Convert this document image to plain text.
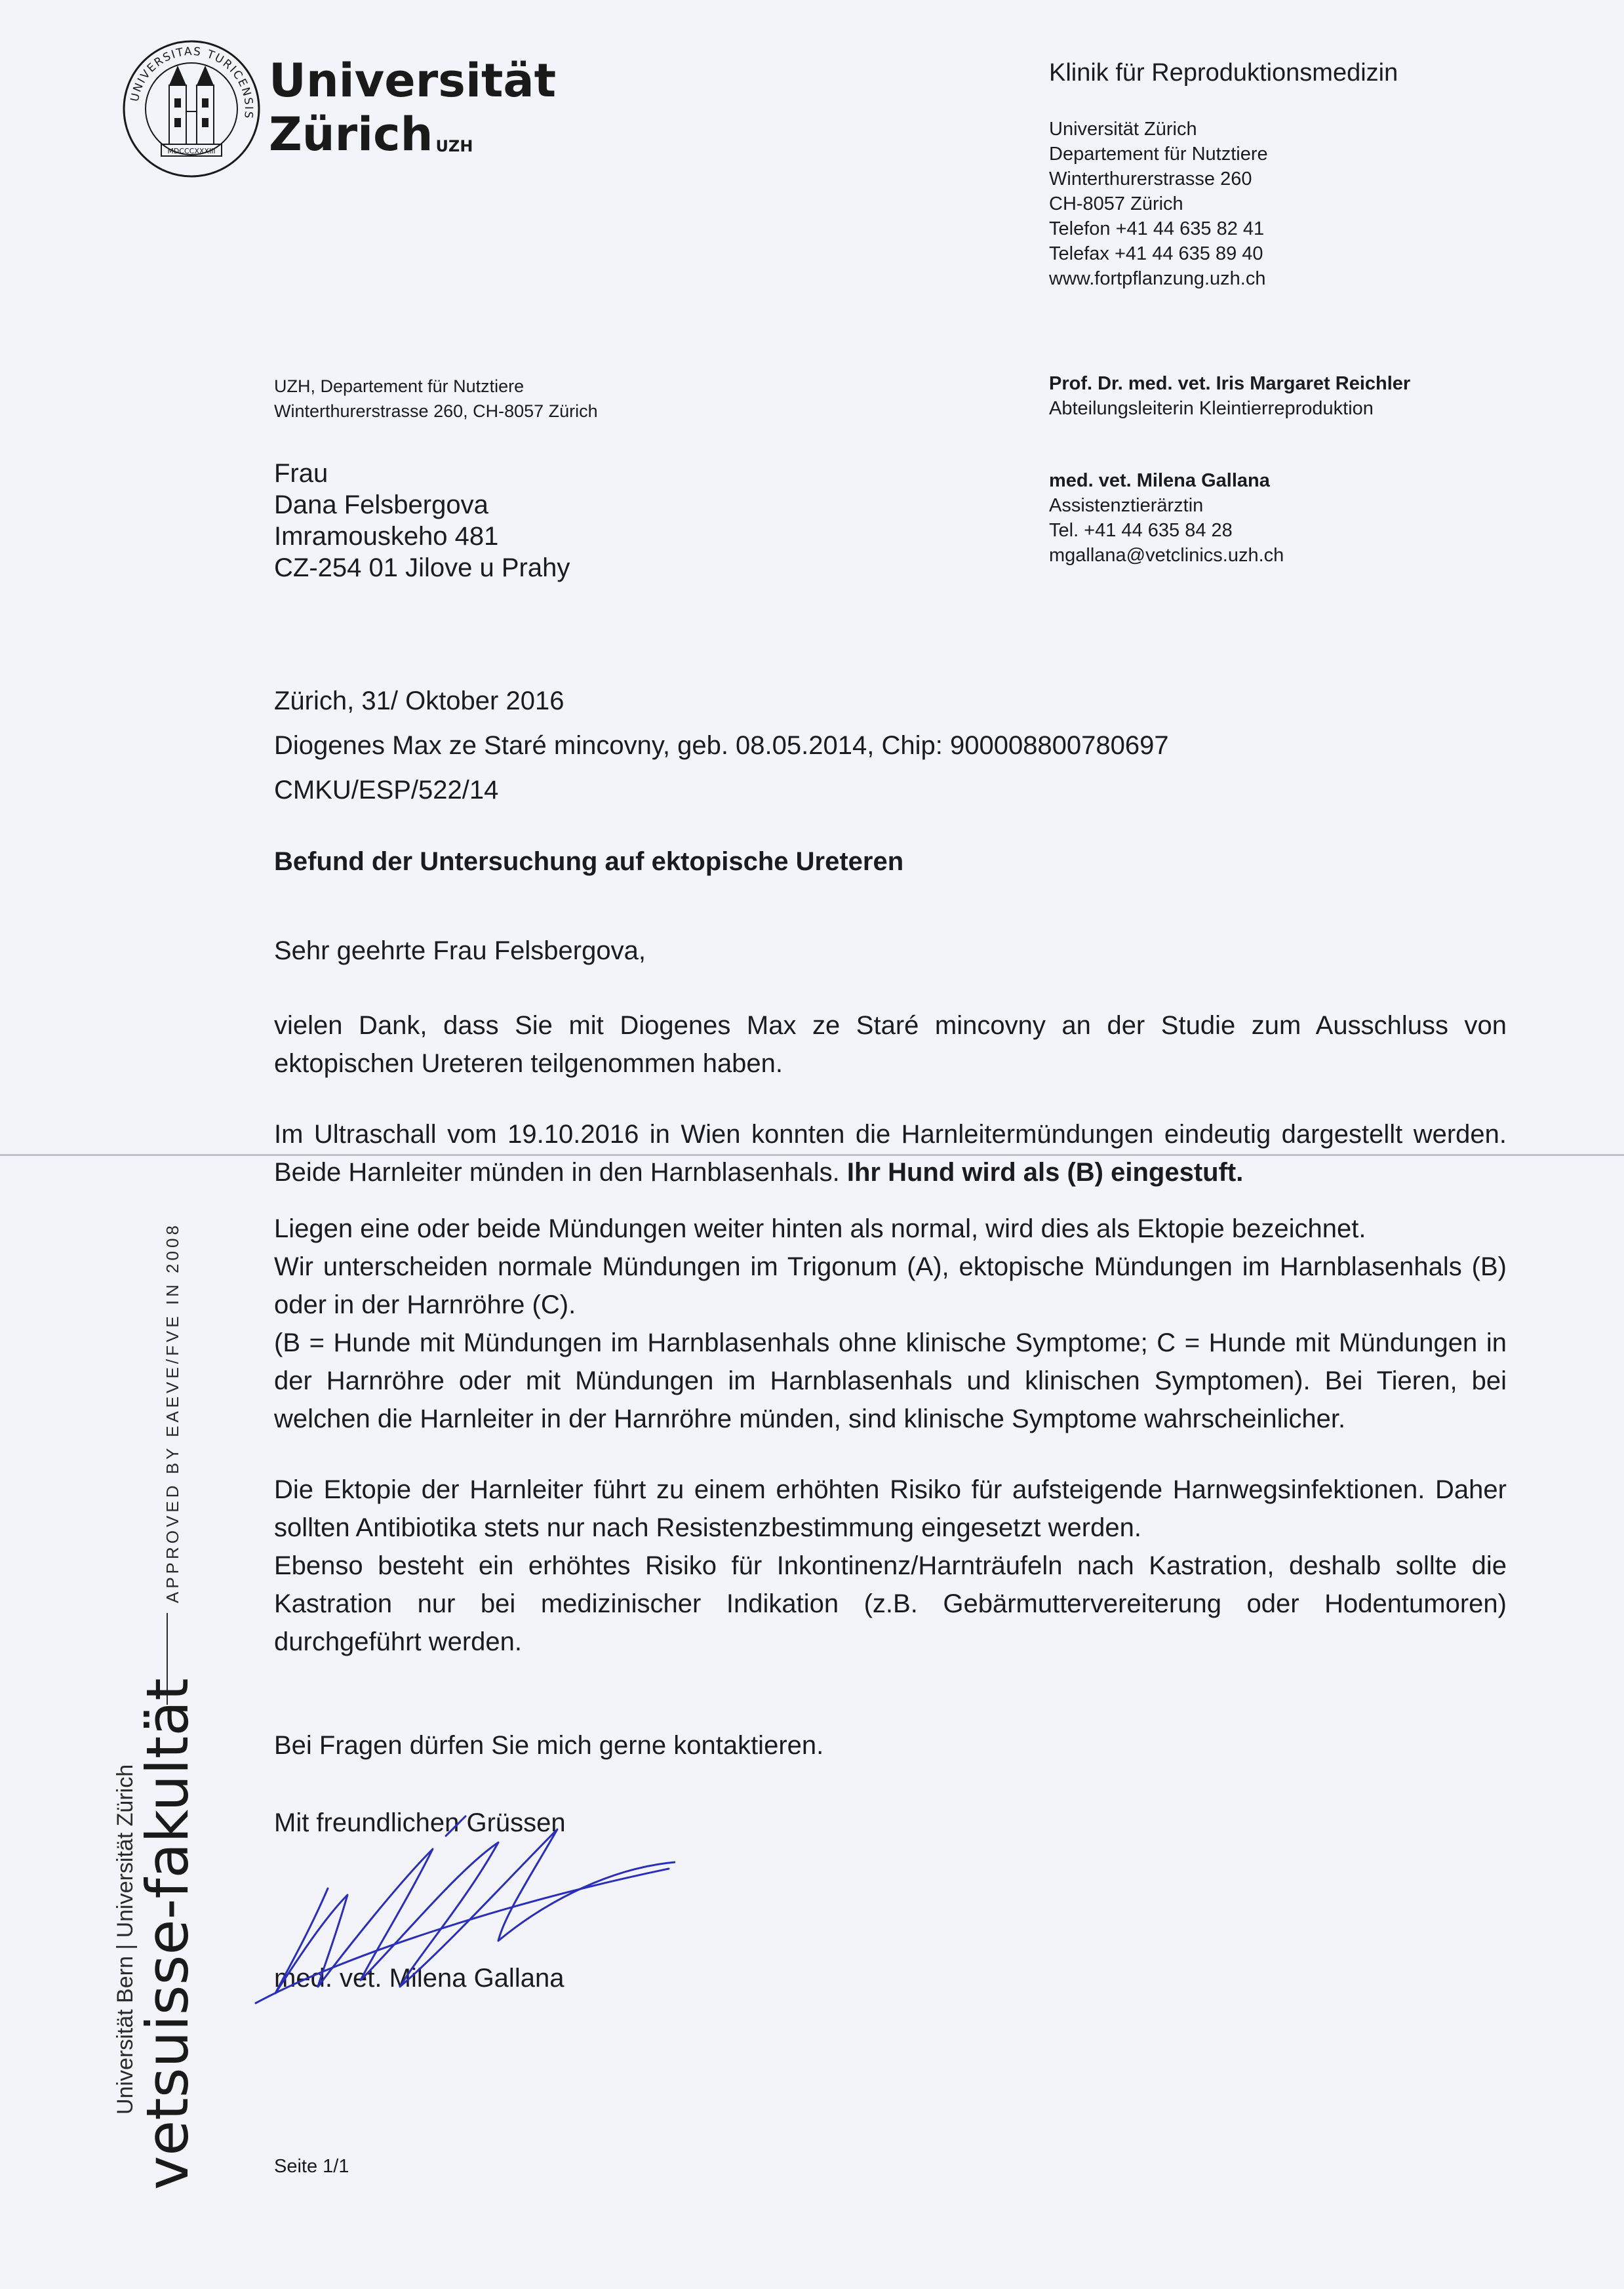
UNIVERSITAS TURICENSIS
MDCCCXXXIII
Universität
Zürich $^{UZH}$
Klinik für Reproduktionsmedizin
Universität Zürich
Departement für Nutztiere
Winterthurerstrasse 260
CH-8057 Zürich
Telefon +41 44 635 82 41
Telefax +41 44 635 89 40
www.fortpflanzung.uzh.ch
UZH, Departement für Nutztiere
Winterthurerstrasse 260, CH-8057 Zürich
Prof. Dr. med. vet. Iris Margaret Reichler
Abteilungsleiterin Kleintierreproduktion
med. vet. Milena Gallana
Assistenztierärztin
Tel. +41 44 635 84 28
mgallana@vetclinics.uzh.ch
Frau
Dana Felsbergova
Imramouskeho 481
CZ-254 01 Jilove u Prahy
Zürich, 31/ Oktober 2016
Diogenes Max ze Staré mincovny, geb. 08.05.2014, Chip: 900008800780697
CMKU/ESP/522/14
Befund der Untersuchung auf ektopische Ureteren
Sehr geehrte Frau Felsbergova,

vielen Dank, dass Sie mit Diogenes Max ze Staré mincovny an der Studie zum Ausschluss von ektopischen Ureteren teilgenommen haben.

Im Ultraschall vom 19.10.2016 in Wien konnten die Harnleitermündungen eindeutig dargestellt werden. Beide Harnleiter münden in den Harnblasenhals. Ihr Hund wird als (B) eingestuft.

Liegen eine oder beide Mündungen weiter hinten als normal, wird dies als Ektopie bezeichnet.
Wir unterscheiden normale Mündungen im Trigonum (A), ektopische Mündungen im Harnblasenhals (B) oder in der Harnröhre (C).
(B = Hunde mit Mündungen im Harnblasenhals ohne klinische Symptome; C = Hunde mit Mündungen in der Harnröhre oder mit Mündungen im Harnblasenhals und klinischen Symptomen). Bei Tieren, bei welchen die Harnleiter in der Harnröhre münden, sind klinische Symptome wahrscheinlicher.

Die Ektopie der Harnleiter führt zu einem erhöhten Risiko für aufsteigende Harnwegsinfektionen. Daher sollten Antibiotika stets nur nach Resistenzbestimmung eingesetzt werden.
Ebenso besteht ein erhöhtes Risiko für Inkontinenz/Harnträufeln nach Kastration, deshalb sollte die Kastration nur bei medizinischer Indikation (z.B. Gebärmuttervereiterung oder Hodentumoren) durchgeführt werden.

Bei Fragen dürfen Sie mich gerne kontaktieren.
Mit freundlichen Grüssen
med. vet. Milena Gallana
Seite 1/1
APPROVED BY EAEVE/FVE IN 2008
Universität Bern | Universität Zürich
vetsuisse-fakultät
